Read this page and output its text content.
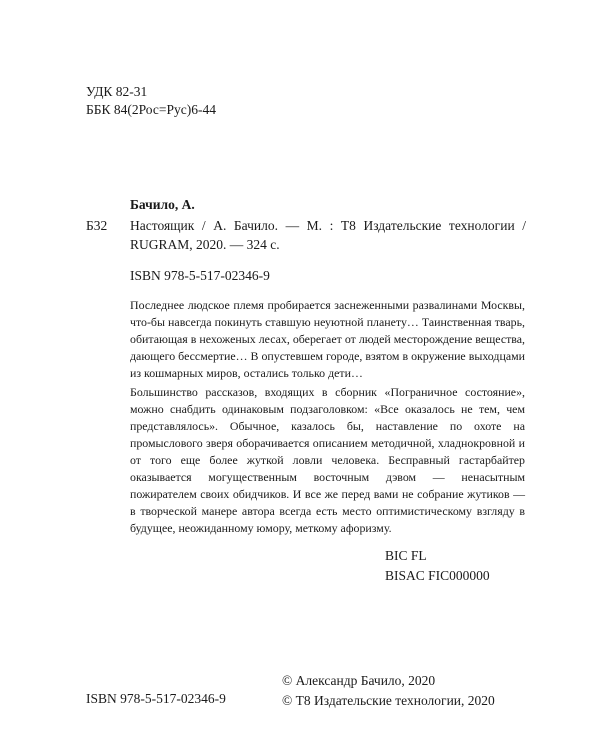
УДК 82-31
ББК 84(2Рос=Рус)6-44
Бачило, А.
Б32 Настоящик / А. Бачило. — М. : Т8 Издательские технологии / RUGRAM, 2020. — 324 с.
ISBN 978-5-517-02346-9

Последнее людское племя пробирается заснеженными развалинами Москвы, что-бы навсегда покинуть ставшую неуютной планету… Таинственная тварь, обитающая в нехоженых лесах, оберегает от людей месторождение вещества, дающего бессмертие… В опустевшем городе, взятом в окружение выходцами из кошмарных миров, остались только дети…

Большинство рассказов, входящих в сборник «Пограничное состояние», можно снабдить одинаковым подзаголовком: «Все оказалось не тем, чем представлялось». Обычное, казалось бы, наставление по охоте на промыслового зверя оборачивается описанием методичной, хладнокровной и от того еще более жуткой ловли человека. Бесправный гастарбайтер оказывается могущественным восточным дэвом — ненасытным пожирателем своих обидчиков. И все же перед вами не собрание жутиков — в творческой манере автора всегда есть место оптимистическому взгляду в будущее, неожиданному юмору, меткому афоризму.

BIC FL
BISAC FIC000000
ISBN 978-5-517-02346-9
© Александр Бачило, 2020
© Т8 Издательские технологии, 2020
